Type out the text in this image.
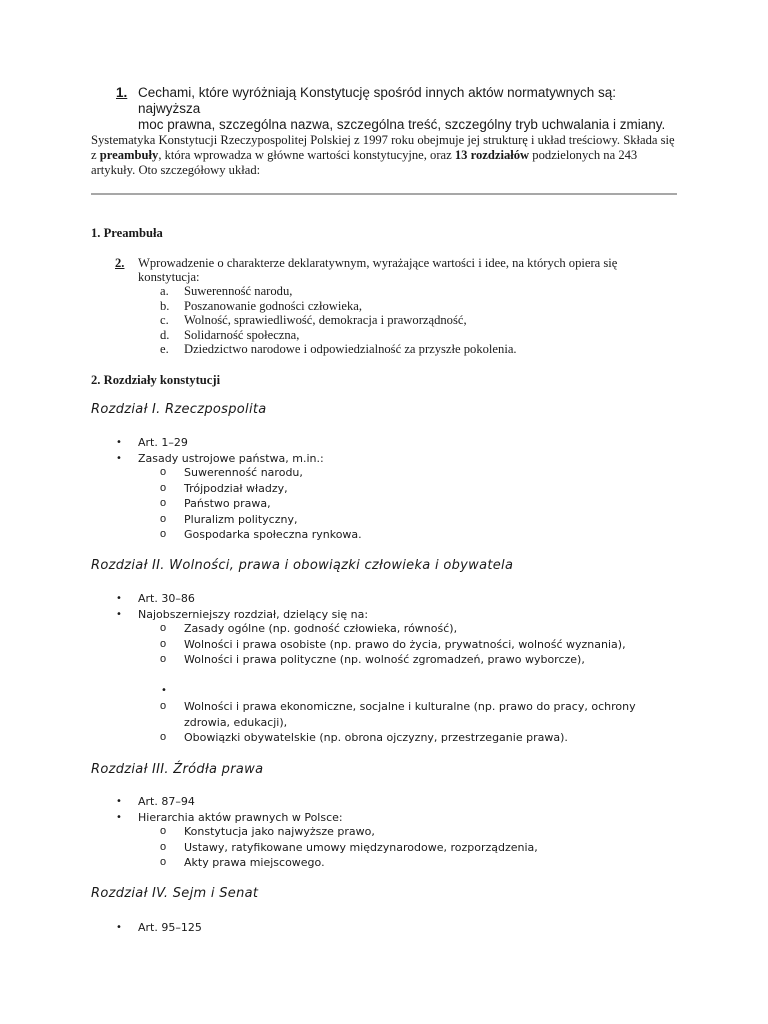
1. Cechami, które wyróżniają Konstytucję spośród innych aktów normatywnych są: najwyższa
moc prawna, szczególna nazwa, szczególna treść, szczególny tryb uchwalania i zmiany.

Systematyka Konstytucji Rzeczypospolitej Polskiej z 1997 roku obejmuje jej strukturę i układ treściowy. Składa się z preambuły, która wprowadza w główne wartości konstytucyjne, oraz 13 rozdziałów podzielonych na 243 artykuły. Oto szczegółowy układ:

1. Preambuła
2.	Wprowadzenie o charakterze deklaratywnym, wyrażające wartości i idee, na których opiera się konstytucja:
a. Suwerenność narodu,
b. Poszanowanie godności człowieka,
c. Wolność, sprawiedliwość, demokracja i praworządność,
d. Solidarność społeczna,
e. Dziedzictwo narodowe i odpowiedzialność za przyszłe pokolenia.
2. Rozdziały konstytucji
Rozdział I. Rzeczpospolita
• Art. 1–29
• Zasady ustrojowe państwa, m.in.:
o Suwerenność narodu,
o Trójpodział władzy,
o Państwo prawa,
o Pluralizm polityczny,
o Gospodarka społeczna rynkowa.
Rozdział II. Wolności, prawa i obowiązki człowieka i obywatela
• Art. 30–86
• Najobszerniejszy rozdział, dzielący się na:
o Zasady ogólne (np. godność człowieka, równość),
o Wolności i prawa osobiste (np. prawo do życia, prywatności, wolność wyznania),
o Wolności i prawa polityczne (np. wolność zgromadzeń, prawo wyborcze),
•
o Wolności i prawa ekonomiczne, socjalne i kulturalne (np. prawo do pracy, ochrony zdrowia, edukacji),
o Obowiązki obywatelskie (np. obrona ojczyzny, przestrzeganie prawa).
Rozdział III. Źródła prawa
• Art. 87–94
• Hierarchia aktów prawnych w Polsce:
o Konstytucja jako najwyższe prawo,
o Ustawy, ratyfikowane umowy międzynarodowe, rozporządzenia,
o Akty prawa miejscowego.
Rozdział IV. Sejm i Senat
• Art. 95–125
